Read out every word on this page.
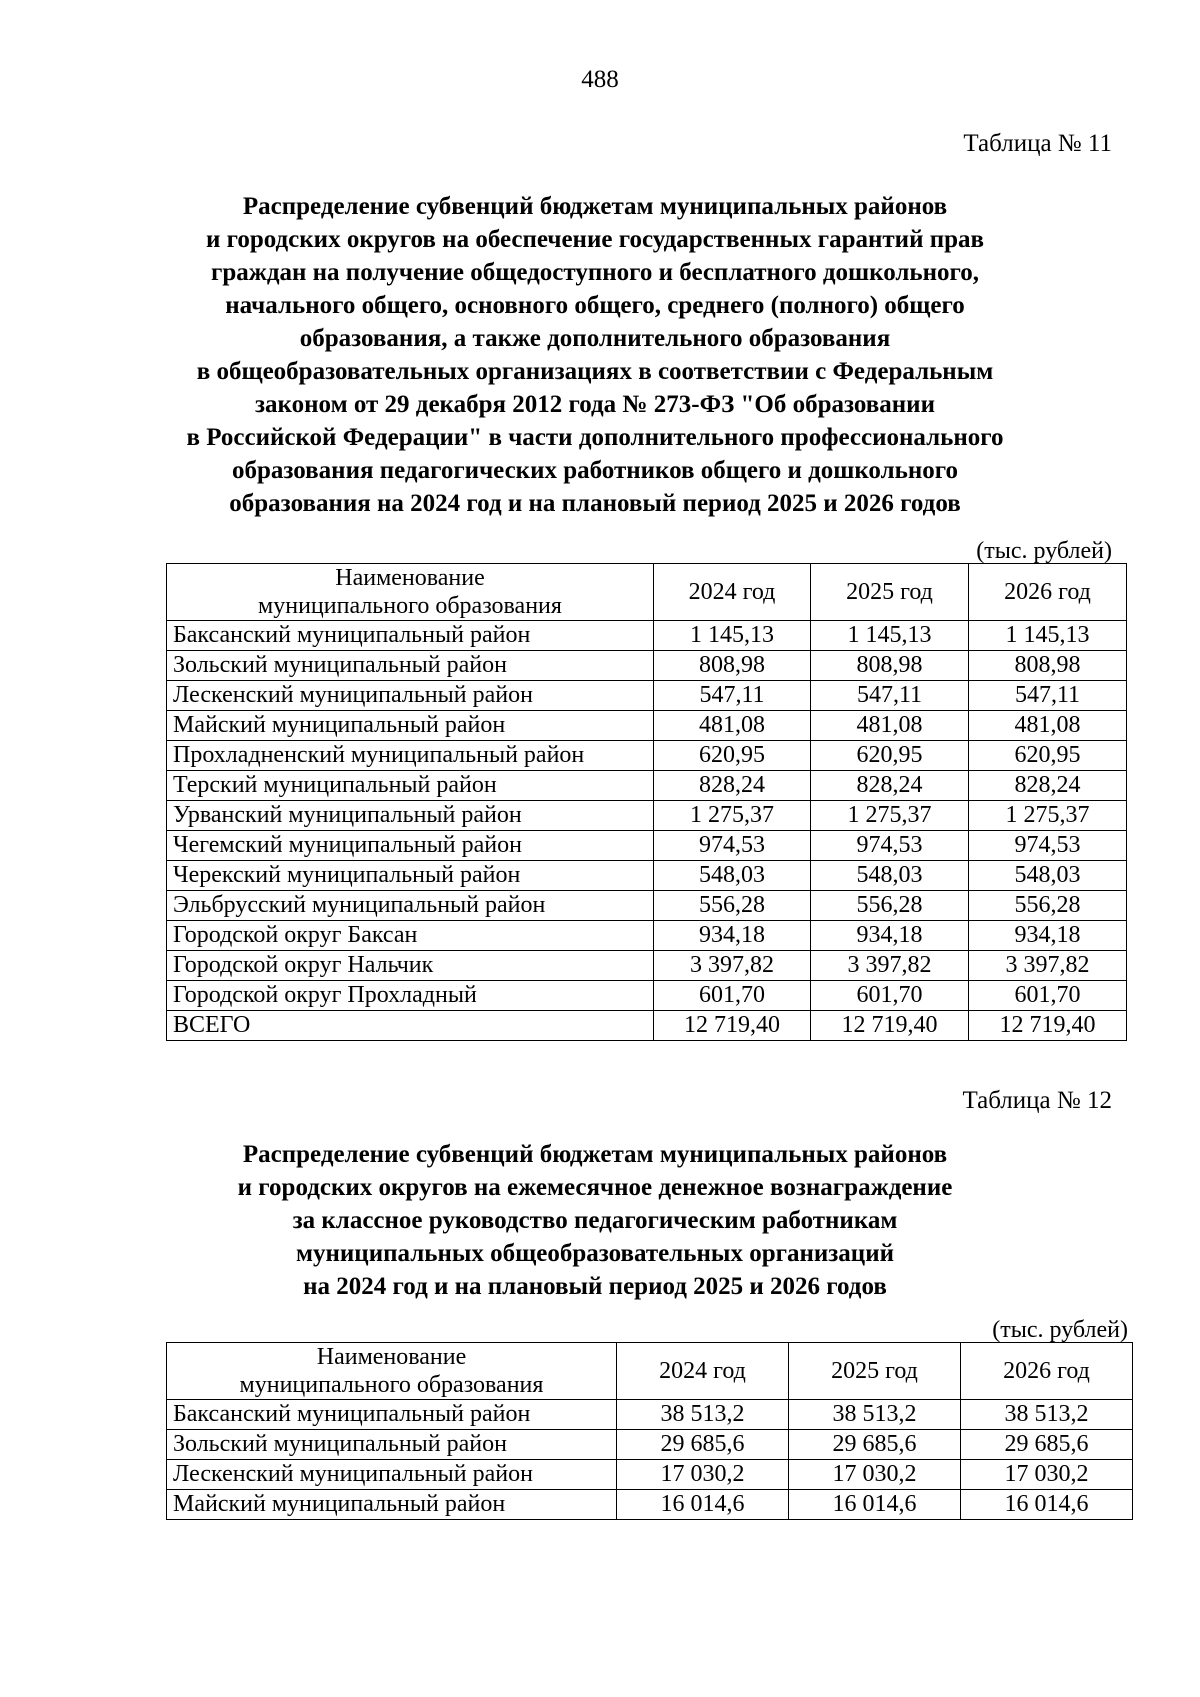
488
Таблица № 11
Распределение субвенций бюджетам муниципальных районов
и городских округов на обеспечение государственных гарантий прав
граждан на получение общедоступного и бесплатного дошкольного,
начального общего, основного общего, среднего (полного) общего
образования, а также дополнительного образования
в общеобразовательных организациях в соответствии с Федеральным
законом от 29 декабря 2012 года № 273-ФЗ "Об образовании
в Российской Федерации" в части дополнительного профессионального
образования педагогических работников общего и дошкольного
образования на 2024 год и на плановый период 2025 и 2026 годов
(тыс. рублей)
Наименование
муниципального образования	2024 год	2025 год	2026 год
Баксанский муниципальный район	1 145,13	1 145,13	1 145,13
Зольский муниципальный район	808,98	808,98	808,98
Лескенский муниципальный район	547,11	547,11	547,11
Майский муниципальный район	481,08	481,08	481,08
Прохладненский муниципальный район	620,95	620,95	620,95
Терский муниципальный район	828,24	828,24	828,24
Урванский муниципальный район	1 275,37	1 275,37	1 275,37
Чегемский муниципальный район	974,53	974,53	974,53
Черекский муниципальный район	548,03	548,03	548,03
Эльбрусский муниципальный район	556,28	556,28	556,28
Городской округ Баксан	934,18	934,18	934,18
Городской округ Нальчик	3 397,82	3 397,82	3 397,82
Городской округ Прохладный	601,70	601,70	601,70
ВСЕГО	12 719,40	12 719,40	12 719,40
Таблица № 12
Распределение субвенций бюджетам муниципальных районов
и городских округов на ежемесячное денежное вознаграждение
за классное руководство педагогическим работникам
муниципальных общеобразовательных организаций
на 2024 год и на плановый период 2025 и 2026 годов
(тыс. рублей)
Наименование
муниципального образования	2024 год	2025 год	2026 год
Баксанский муниципальный район	38 513,2	38 513,2	38 513,2
Зольский муниципальный район	29 685,6	29 685,6	29 685,6
Лескенский муниципальный район	17 030,2	17 030,2	17 030,2
Майский муниципальный район	16 014,6	16 014,6	16 014,6
